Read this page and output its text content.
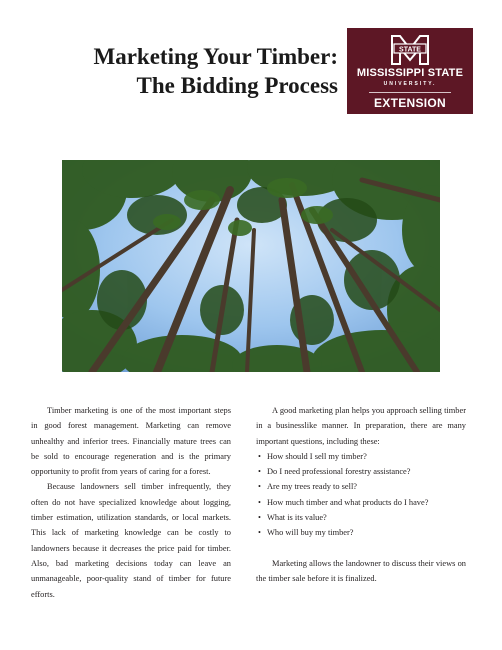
Marketing Your Timber:
The Bidding Process
STATE
MISSISSIPPI STATE
UNIVERSITY.
EXTENSION

Timber marketing is one of the most important steps in good forest management. Marketing can remove unhealthy and inferior trees. Financially mature trees can be sold to encourage regeneration and is the primary opportunity to profit from years of caring for a forest.

Because landowners sell timber infrequently, they often do not have specialized knowledge about logging, timber estimation, utilization standards, or local markets. This lack of marketing knowledge can be costly to landowners because it decreases the price paid for timber. Also, bad marketing decisions today can leave an unmanageable, poor-quality stand of timber for future efforts.

A good marketing plan helps you approach selling timber in a businesslike manner. In preparation, there are many important questions, including these:

• How should I sell my timber?
• Do I need professional forestry assistance?
• Are my trees ready to sell?
• How much timber and what products do I have?
• What is its value?
• Who will buy my timber?

Marketing allows the landowner to discuss their views on the timber sale before it is finalized.
